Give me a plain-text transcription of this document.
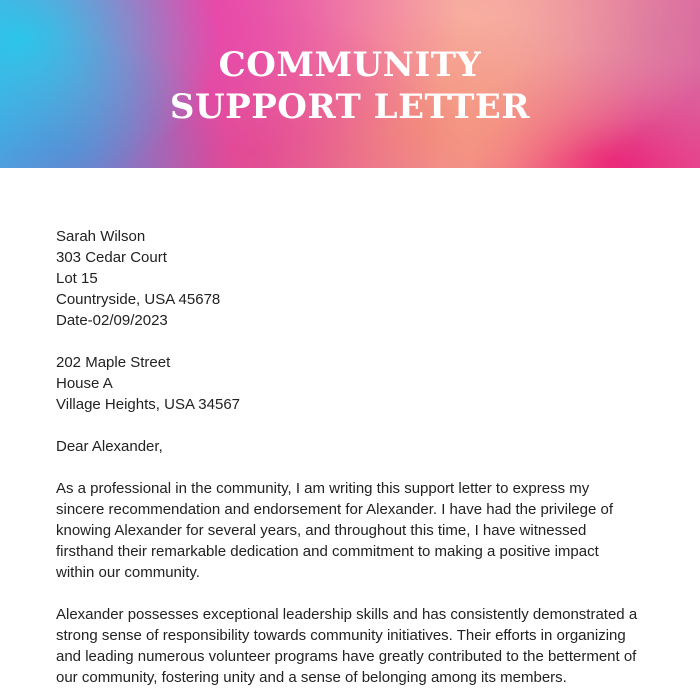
COMMUNITY
SUPPORT LETTER
Sarah Wilson
303 Cedar Court
Lot 15
Countryside, USA 45678
Date-02/09/2023
202 Maple Street
House A
Village Heights, USA 34567
Dear Alexander,
As a professional in the community, I am writing this support letter to express my
sincere recommendation and endorsement for Alexander. I have had the privilege of
knowing Alexander for several years, and throughout this time, I have witnessed
firsthand their remarkable dedication and commitment to making a positive impact
within our community.
Alexander possesses exceptional leadership skills and has consistently demonstrated a
strong sense of responsibility towards community initiatives. Their efforts in organizing
and leading numerous volunteer programs have greatly contributed to the betterment of
our community, fostering unity and a sense of belonging among its members.
